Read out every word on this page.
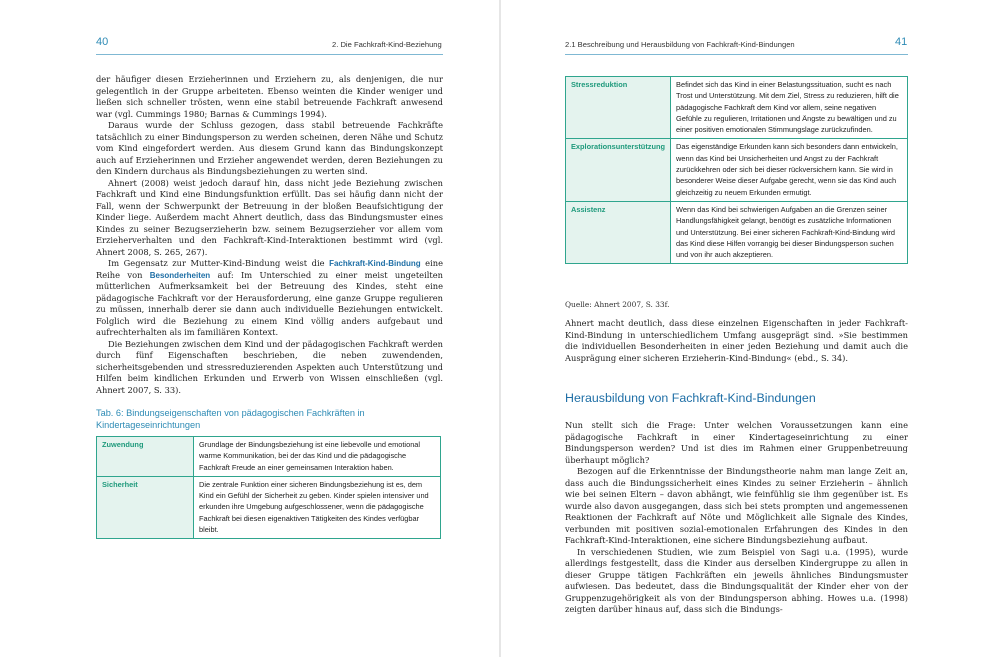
40	2. Die Fachkraft-Kind-Beziehung

der häufiger diesen Erzieherinnen und Erziehern zu, als denjenigen, die nur gelegentlich in der Gruppe arbeiteten. Ebenso weinten die Kinder weniger und ließen sich schneller trösten, wenn eine stabil betreuende Fachkraft anwesend war (vgl. Cummings 1980; Barnas & Cummings 1994).

Daraus wurde der Schluss gezogen, dass stabil betreuende Fachkräfte tatsächlich zu einer Bindungsperson zu werden scheinen, deren Nähe und Schutz vom Kind eingefordert werden. Aus diesem Grund kann das Bindungskonzept auch auf Erzieherinnen und Erzieher angewendet werden, deren Beziehungen zu den Kindern durchaus als Bindungsbeziehungen zu werten sind.

Ahnert (2008) weist jedoch darauf hin, dass nicht jede Beziehung zwischen Fachkraft und Kind eine Bindungsfunktion erfüllt. Das sei häufig dann nicht der Fall, wenn der Schwerpunkt der Betreuung in der bloßen Beaufsichtigung der Kinder liege. Außerdem macht Ahnert deutlich, dass das Bindungsmuster eines Kindes zu seiner Bezugserzieherin bzw. seinem Bezugserzieher vor allem vom Erzieherverhalten und den Fachkraft-Kind-Interaktionen bestimmt wird (vgl. Ahnert 2008, S. 265, 267).

Im Gegensatz zur Mutter-Kind-Bindung weist die Fachkraft-Kind-Bindung eine Reihe von Besonderheiten auf: Im Unterschied zu einer meist ungeteilten mütterlichen Aufmerksamkeit bei der Betreuung des Kindes, steht eine pädagogische Fachkraft vor der Herausforderung, eine ganze Gruppe regulieren zu müssen, innerhalb derer sie dann auch individuelle Beziehungen entwickelt. Folglich wird die Beziehung zu einem Kind völlig anders aufgebaut und aufrechterhalten als im familiären Kontext.

Die Beziehungen zwischen dem Kind und der pädagogischen Fachkraft werden durch fünf Eigenschaften beschrieben, die neben zuwendenden, sicherheitsgebenden und stressreduzierenden Aspekten auch Unterstützung und Hilfen beim kindlichen Erkunden und Erwerb von Wissen einschließen (vgl. Ahnert 2007, S. 33).

Tab. 6: Bindungseigenschaften von pädagogischen Fachkräften in Kindertageseinrichtungen
Zuwendung	Grundlage der Bindungsbeziehung ist eine liebevolle und emotional warme Kommunikation, bei der das Kind und die pädagogische Fachkraft Freude an einer gemeinsamen Interaktion haben.
Sicherheit	Die zentrale Funktion einer sicheren Bindungsbeziehung ist es, dem Kind ein Gefühl der Sicherheit zu geben. Kinder spielen intensiver und erkunden ihre Umgebung aufgeschlossener, wenn die pädagogische Fachkraft bei diesen eigenaktiven Tätigkeiten des Kindes verfügbar bleibt.
2.1 Beschreibung und Herausbildung von Fachkraft-Kind-Bindungen	41
Stressreduktion	Befindet sich das Kind in einer Belastungssituation, sucht es nach Trost und Unterstützung. Mit dem Ziel, Stress zu reduzieren, hilft die pädagogische Fachkraft dem Kind vor allem, seine negativen Gefühle zu regulieren, Irritationen und Ängste zu bewältigen und zu einer positiven emotionalen Stimmungslage zurückzufinden.
Explorationsunterstützung	Das eigenständige Erkunden kann sich besonders dann entwickeln, wenn das Kind bei Unsicherheiten und Angst zu der Fachkraft zurückkehren oder sich bei dieser rückversichern kann. Sie wird in besonderer Weise dieser Aufgabe gerecht, wenn sie das Kind auch gleichzeitig zu neuem Erkunden ermutigt.
Assistenz	Wenn das Kind bei schwierigen Aufgaben an die Grenzen seiner Handlungsfähigkeit gelangt, benötigt es zusätzliche Informationen und Unterstützung. Bei einer sicheren Fachkraft-Kind-Bindung wird das Kind diese Hilfen vorrangig bei dieser Bindungsperson suchen und von ihr auch akzeptieren.
Quelle: Ahnert 2007, S. 33f.

Ahnert macht deutlich, dass diese einzelnen Eigenschaften in jeder Fachkraft-Kind-Bindung in unterschiedlichem Umfang ausgeprägt sind. »Sie bestimmen die individuellen Besonderheiten in einer jeden Beziehung und damit auch die Ausprägung einer sicheren Erzieherin-Kind-Bindung« (ebd., S. 34).

Herausbildung von Fachkraft-Kind-Bindungen

Nun stellt sich die Frage: Unter welchen Voraussetzungen kann eine pädagogische Fachkraft in einer Kindertageseinrichtung zu einer Bindungsperson werden? Und ist dies im Rahmen einer Gruppenbetreuung überhaupt möglich?

Bezogen auf die Erkenntnisse der Bindungstheorie nahm man lange Zeit an, dass auch die Bindungssicherheit eines Kindes zu seiner Erzieherin – ähnlich wie bei seinen Eltern – davon abhängt, wie feinfühlig sie ihm gegenüber ist. Es wurde also davon ausgegangen, dass sich bei stets prompten und angemessenen Reaktionen der Fachkraft auf Nöte und Möglichkeit alle Signale des Kindes, verbunden mit positiven sozial-emotionalen Erfahrungen des Kindes in den Fachkraft-Kind-Interaktionen, eine sichere Bindungsbeziehung aufbaut.

In verschiedenen Studien, wie zum Beispiel von Sagi u.a. (1995), wurde allerdings festgestellt, dass die Kinder aus derselben Kindergruppe zu allen in dieser Gruppe tätigen Fachkräften ein jeweils ähnliches Bindungsmuster aufwiesen. Das bedeutet, dass die Bindungsqualität der Kinder eher von der Gruppenzugehörigkeit als von der Bindungsperson abhing. Howes u.a. (1998) zeigten darüber hinaus auf, dass sich die Bindungs-
